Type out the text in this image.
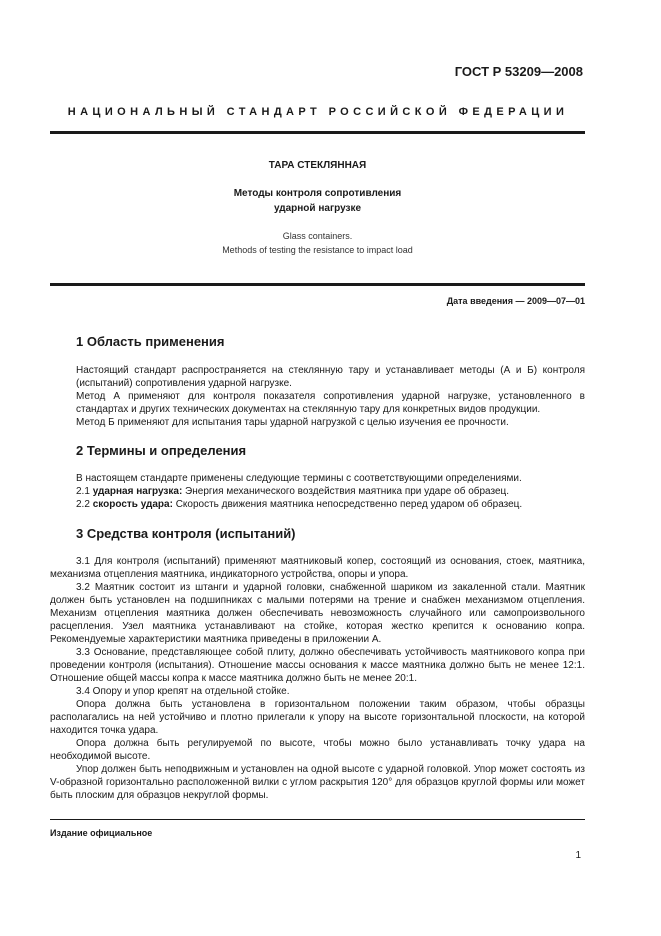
ГОСТ Р 53209—2008
НАЦИОНАЛЬНЫЙ СТАНДАРТ РОССИЙСКОЙ ФЕДЕРАЦИИ
ТАРА СТЕКЛЯННАЯ
Методы контроля сопротивления
ударной нагрузке
Glass containers.
Methods of testing the resistance to impact load
Дата введения — 2009—07—01
1 Область применения

Настоящий стандарт распространяется на стеклянную тару и устанавливает методы (А и Б) контроля (испытаний) сопротивления ударной нагрузке.

Метод А применяют для контроля показателя сопротивления ударной нагрузке, установленного в стандартах и других технических документах на стеклянную тару для конкретных видов продукции.

Метод Б применяют для испытания тары ударной нагрузкой с целью изучения ее прочности.

2 Термины и определения

В настоящем стандарте применены следующие термины с соответствующими определениями.

2.1 ударная нагрузка: Энергия механического воздействия маятника при ударе об образец.

2.2 скорость удара: Скорость движения маятника непосредственно перед ударом об образец.

3 Средства контроля (испытаний)

3.1 Для контроля (испытаний) применяют маятниковый копер, состоящий из основания, стоек, маятника, механизма отцепления маятника, индикаторного устройства, опоры и упора.

3.2 Маятник состоит из штанги и ударной головки, снабженной шариком из закаленной стали. Маятник должен быть установлен на подшипниках с малыми потерями на трение и снабжен механизмом отцепления. Механизм отцепления маятника должен обеспечивать невозможность случайного или самопроизвольного расцепления. Узел маятника устанавливают на стойке, которая жестко крепится к основанию копра. Рекомендуемые характеристики маятника приведены в приложении А.

3.3 Основание, представляющее собой плиту, должно обеспечивать устойчивость маятникового копра при проведении контроля (испытания). Отношение массы основания к массе маятника должно быть не менее 12:1. Отношение общей массы копра к массе маятника должно быть не менее 20:1.

3.4 Опору и упор крепят на отдельной стойке.

Опора должна быть установлена в горизонтальном положении таким образом, чтобы образцы располагались на ней устойчиво и плотно прилегали к упору на высоте горизонтальной плоскости, на которой находится точка удара.

Опора должна быть регулируемой по высоте, чтобы можно было устанавливать точку удара на необходимой высоте.

Упор должен быть неподвижным и установлен на одной высоте с ударной головкой. Упор может состоять из V-образной горизонтально расположенной вилки с углом раскрытия 120° для образцов круглой формы или может быть плоским для образцов некруглой формы.

Издание официальное
1
